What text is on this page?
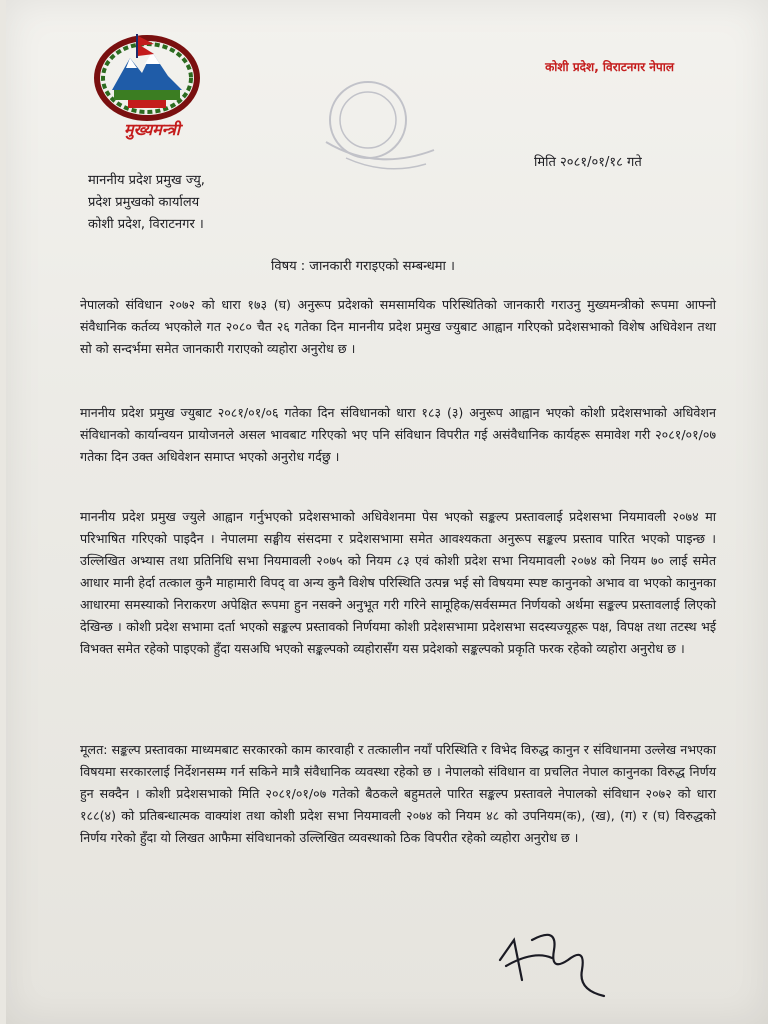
मुख्यमन्त्री
कोशी प्रदेश, विराटनगर नेपाल
मिति २०८१/०१/१८ गते
माननीय प्रदेश प्रमुख ज्यु,
प्रदेश प्रमुखको कार्यालय
कोशी प्रदेश, विराटनगर ।
विषय : जानकारी गराइएको सम्बन्धमा ।
नेपालको संविधान २०७२ को धारा १७३ (घ) अनुरूप प्रदेशको समसामयिक परिस्थितिको जानकारी गराउनु मुख्यमन्त्रीको रूपमा आफ्नो संवैधानिक कर्तव्य भएकोले गत २०८० चैत २६ गतेका दिन माननीय प्रदेश प्रमुख ज्युबाट आह्वान गरिएको प्रदेशसभाको विशेष अधिवेशन तथा सो को सन्दर्भमा समेत जानकारी गराएको व्यहोरा अनुरोध छ ।
माननीय प्रदेश प्रमुख ज्युबाट २०८१/०१/०६ गतेका दिन संविधानको धारा १८३ (३) अनुरूप आह्वान भएको कोशी प्रदेशसभाको अधिवेशन संविधानको कार्यान्वयन प्रायोजनले असल भावबाट गरिएको भए पनि संविधान विपरीत गई असंवैधानिक कार्यहरू समावेश गरी २०८१/०१/०७ गतेका दिन उक्त अधिवेशन समाप्त भएको अनुरोध गर्दछु ।
माननीय प्रदेश प्रमुख ज्युले आह्वान गर्नुभएको प्रदेशसभाको अधिवेशनमा पेस भएको सङ्कल्प प्रस्तावलाई प्रदेशसभा नियमावली २०७४ मा परिभाषित गरिएको पाइदैन । नेपालमा सङ्घीय संसदमा र प्रदेशसभामा समेत आवश्यकता अनुरूप सङ्कल्प प्रस्ताव पारित भएको पाइन्छ । उल्लिखित अभ्यास तथा प्रतिनिधि सभा नियमावली २०७५ को नियम ८३ एवं कोशी प्रदेश सभा नियमावली २०७४ को नियम ७० लाई समेत आधार मानी हेर्दा तत्काल कुनै माहामारी विपद् वा अन्य कुनै विशेष परिस्थिति उत्पन्न भई सो विषयमा स्पष्ट कानुनको अभाव वा भएको कानुनका आधारमा समस्याको निराकरण अपेक्षित रूपमा हुन नसक्ने अनुभूत गरी गरिने सामूहिक/सर्वसम्मत निर्णयको अर्थमा सङ्कल्प प्रस्तावलाई लिएको देखिन्छ । कोशी प्रदेश सभामा दर्ता भएको सङ्कल्प प्रस्तावको निर्णयमा कोशी प्रदेशसभामा प्रदेशसभा सदस्यज्यूहरू पक्ष, विपक्ष तथा तटस्थ भई विभक्त समेत रहेको पाइएको हुँदा यसअघि भएको सङ्कल्पको व्यहोरासँग यस प्रदेशको सङ्कल्पको प्रकृति फरक रहेको व्यहोरा अनुरोध छ ।
मूलत: सङ्कल्प प्रस्तावका माध्यमबाट सरकारको काम कारवाही र तत्कालीन नयाँ परिस्थिति र विभेद विरुद्ध कानुन र संविधानमा उल्लेख नभएका विषयमा सरकारलाई निर्देशनसम्म गर्न सकिने मात्रै संवैधानिक व्यवस्था रहेको छ । नेपालको संविधान वा प्रचलित नेपाल कानुनका विरुद्ध निर्णय हुन सक्दैन । कोशी प्रदेशसभाको मिति २०८१/०१/०७ गतेको बैठकले बहुमतले पारित सङ्कल्प प्रस्तावले नेपालको संविधान २०७२ को धारा १८८(४) को प्रतिबन्धात्मक वाक्यांश तथा कोशी प्रदेश सभा नियमावली २०७४ को नियम ४८ को उपनियम(क), (ख), (ग) र (घ) विरुद्धको निर्णय गरेको हुँदा यो लिखत आफैमा संविधानको उल्लिखित व्यवस्थाको ठिक विपरीत रहेको व्यहोरा अनुरोध छ ।
